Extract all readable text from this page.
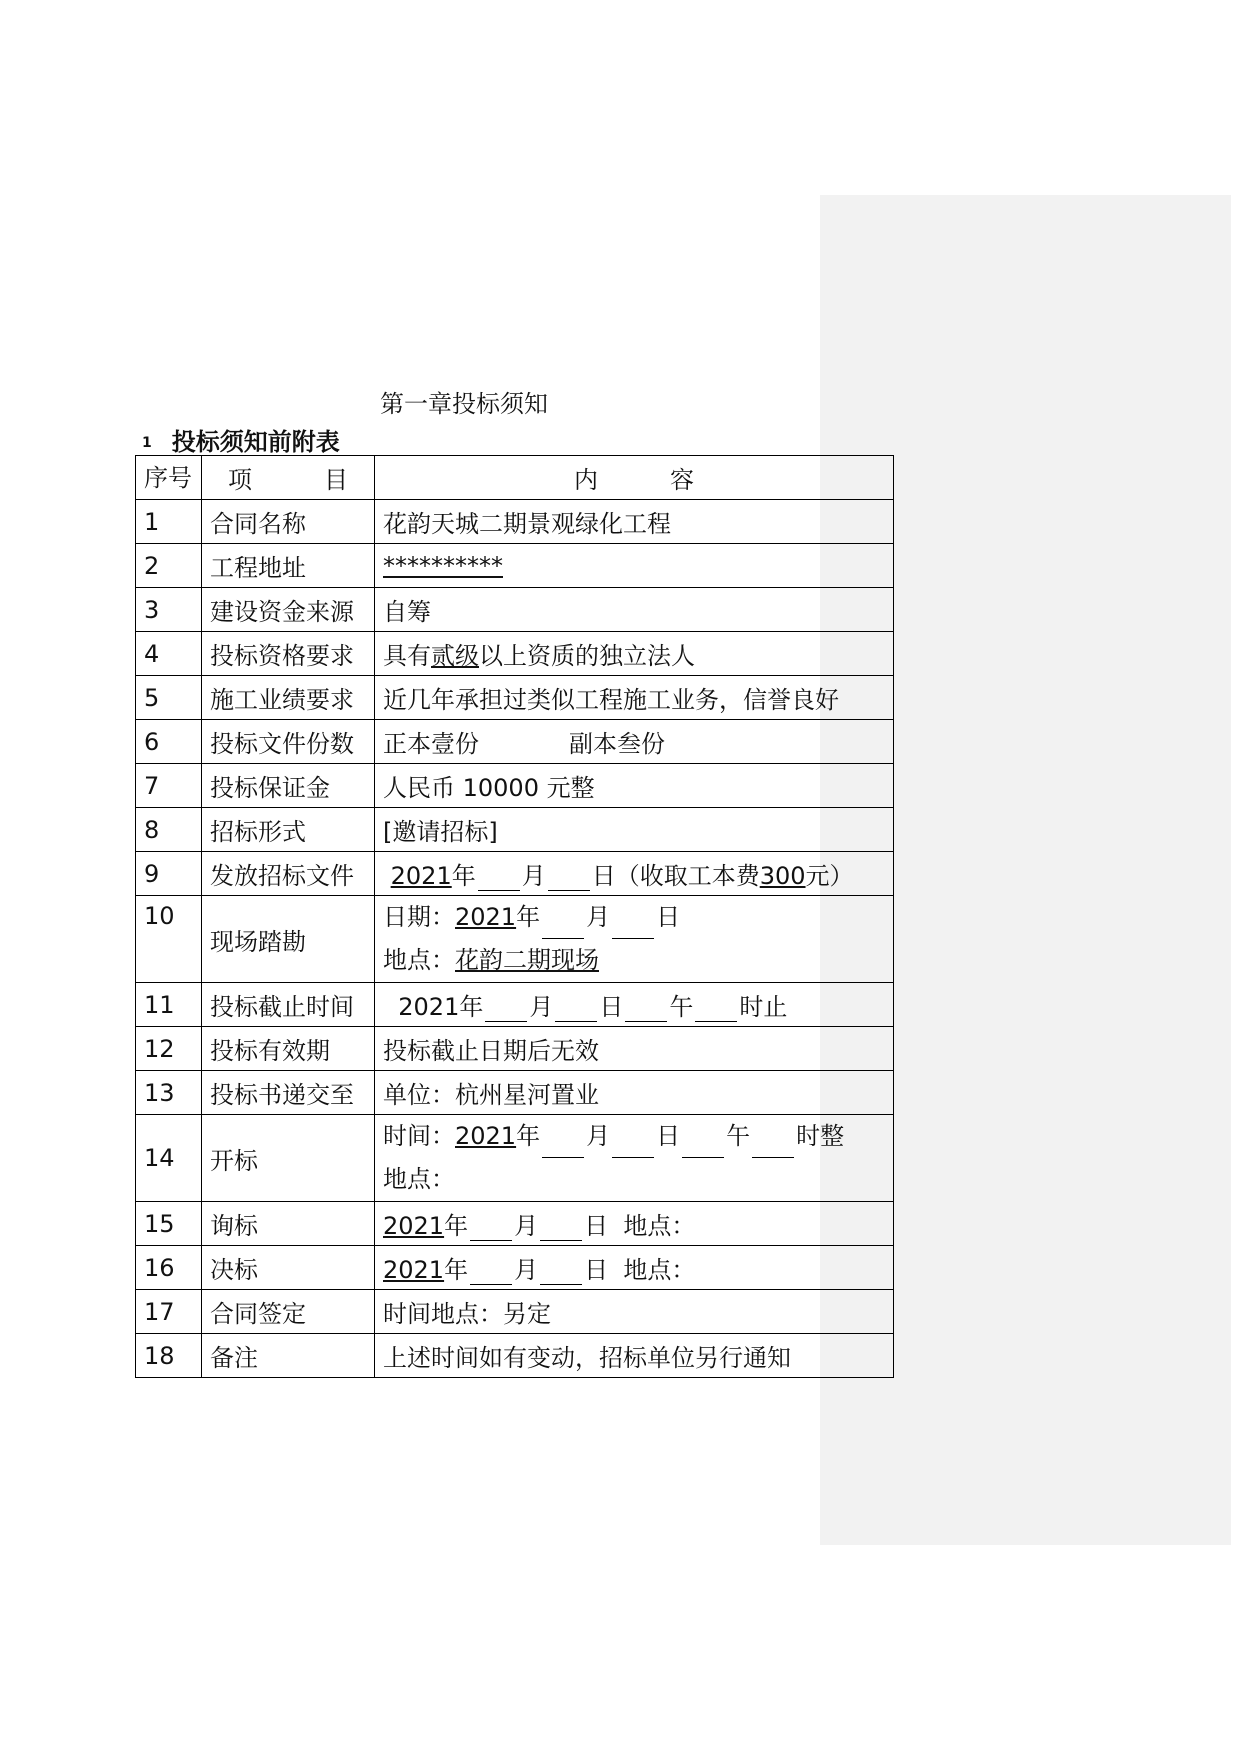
第一章投标须知
1 投标须知前附表
序号	项　　　目	内　　　容
1	合同名称	花韵天城二期景观绿化工程
2	工程地址	**********
3	建设资金来源	自筹
4	投标资格要求	具有贰级以上资质的独立法人
5	施工业绩要求	近几年承担过类似工程施工业务，信誉良好
6	投标文件份数	正本壹份 副本叁份
7	投标保证金	人民币 10000 元整
8	招标形式	[邀请招标]
9	发放招标文件	2021年 月 日（收取工本费300元）
10	现场踏勘	日期：2021年 月 日
地点：花韵二期现场

11	投标截止时间	2021年 月 日 午 时止
12	投标有效期	投标截止日期后无效
13	投标书递交至	单位：杭州星河置业
14	开标	时间：2021年 月 日 午 时整
地点：

15	询标	2021年 月 日 地点：
16	决标	2021年 月 日 地点：
17	合同签定	时间地点：另定
18	备注	上述时间如有变动，招标单位另行通知
